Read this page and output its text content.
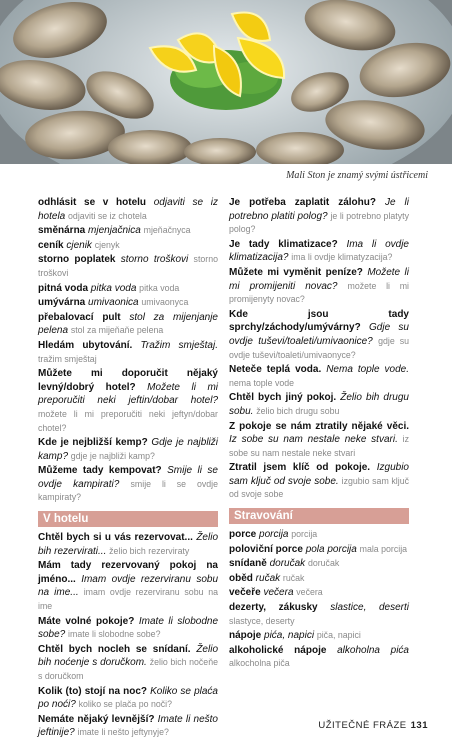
Mali Ston je znamý svými ústřicemi
odhlásit se v hotelu odjaviti se iz hotela odjaviti se iz chotela
směnárna mjenjačnica mjeňačnyca
ceník cjenik cjenyk
storno poplatek storno troškovi storno troškovi
pitná voda pitka voda pitka voda
umývárna umivaonica umivaonyca
přebalovací pult stol za mijenjanje pelena stol za mijeňaňe pelena
Hledám ubytování. Tražim smještaj. tražim smještaj
Můžete mi doporučit nějaký levný/dobrý hotel? Možete li mi preporučiti neki jeftin/dobar hotel? možete li mi preporučiti neki jeftyn/dobar chotel?
Kde je nejbližší kemp? Gdje je najbliži kamp? gdje je najbliži kamp?
Můžeme tady kempovat? Smije li se ovdje kampirati? smije li se ovdje kampiraty?
V hotelu
Chtěl bych si u vás rezervovat... Želio bih rezervirati... želio bich rezerviraty
Mám tady rezervovaný pokoj na jméno... Imam ovdje rezerviranu sobu na ime... imam ovdje rezerviranu sobu na ime
Máte volné pokoje? Imate li slobodne sobe? imate li slobodne sobe?
Chtěl bych nocleh se snídaní. Želio bih noćenje s doručkom. želio bich nočeňe s doručkom
Kolik (to) stojí na noc? Koliko se plaća po noći? koliko se plača po noči?
Nemáte nějaký levnější? Imate li nešto jeftinije? imate li nešto jeftynyje?
Je potřeba zaplatit zálohu? Je li potrebno platiti polog? je li potrebno platyty polog?
Je tady klimatizace? Ima li ovdje klimatizacija? ima li ovdje klimatyzacija?
Můžete mi vyměnit peníze? Možete li mi promijeniti novac? možete li mi promijenyty novac?
Kde jsou tady sprchy/záchody/umývárny? Gdje su ovdje tuševi/toaleti/umivaonice? gdje su ovdje tuševi/toaleti/umivaonyce?
Neteče teplá voda. Nema tople vode. nema tople vode
Chtěl bych jiný pokoj. Želio bih drugu sobu. želio bich drugu sobu
Z pokoje se nám ztratily nějaké věci. Iz sobe su nam nestale neke stvari. iz sobe su nam nestale neke stvari
Ztratil jsem klíč od pokoje. Izgubio sam ključ od svoje sobe. izgubio sam ključ od svoje sobe
Stravování
porce porcija porcija
poloviční porce pola porcija mala porcija
snídaně doručak doručak
oběd ručak ručak
večeře večera večera
dezerty, zákusky slastice, deserti slastyce, deserty
nápoje pića, napici piča, napici
alkoholické nápoje alkoholna pića alkocholna piča
UŽITEČNÉ FRÁZE 131
